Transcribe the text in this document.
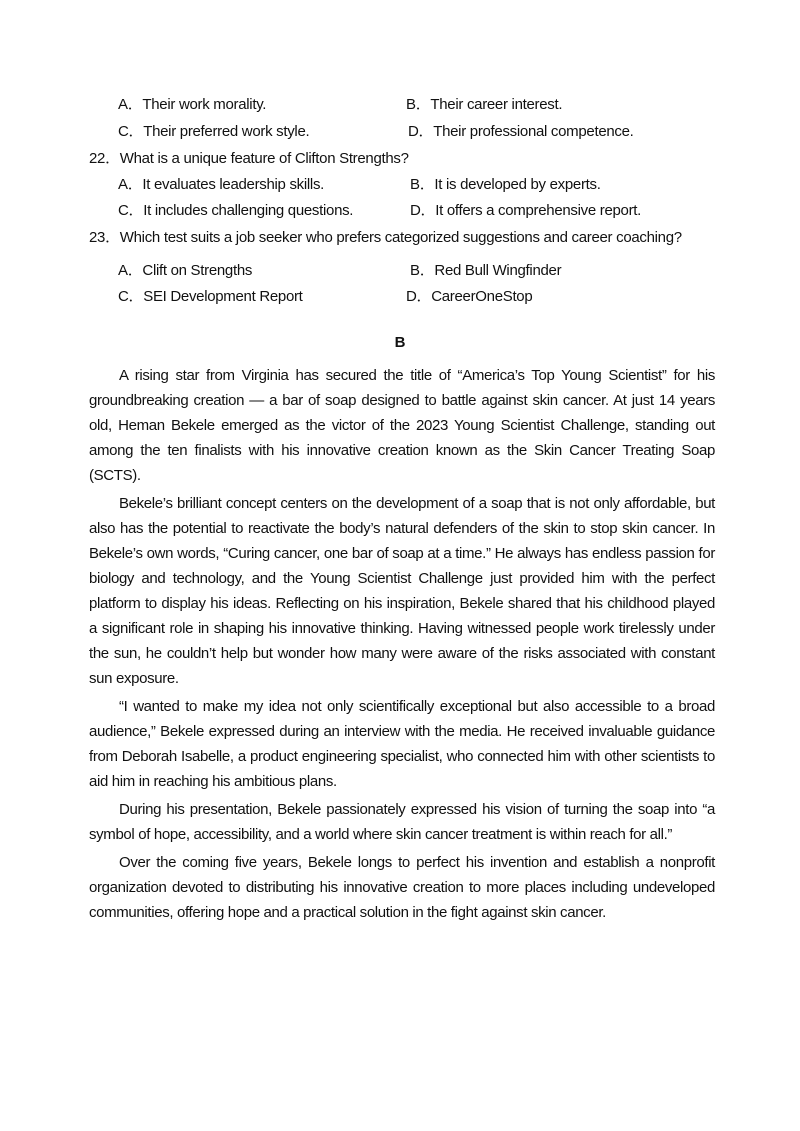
A．Their work morality.	B．Their career interest.
C．Their preferred work style.	D．Their professional competence.
22．What is a unique feature of Clifton Strengths?
A．It evaluates leadership skills.	B．It is developed by experts.
C．It includes challenging questions.	D．It offers a comprehensive report.
23．Which test suits a job seeker who prefers categorized suggestions and career coaching?
A．Clift on Strengths	B．Red Bull Wingfinder
C．SEI Development Report	D．CareerOneStop
B

A rising star from Virginia has secured the title of “America’s Top Young Scientist” for his groundbreaking creation — a bar of soap designed to battle against skin cancer. At just 14 years old, Heman Bekele emerged as the victor of the 2023 Young Scientist Challenge, standing out among the ten finalists with his innovative creation known as the Skin Cancer Treating Soap (SCTS).

Bekele’s brilliant concept centers on the development of a soap that is not only affordable, but also has the potential to reactivate the body’s natural defenders of the skin to stop skin cancer. In Bekele’s own words, “Curing cancer, one bar of soap at a time.” He always has endless passion for biology and technology, and the Young Scientist Challenge just provided him with the perfect platform to display his ideas. Reflecting on his inspiration, Bekele shared that his childhood played a significant role in shaping his innovative thinking. Having witnessed people work tirelessly under the sun, he couldn’t help but wonder how many were aware of the risks associated with constant sun exposure.

“I wanted to make my idea not only scientifically exceptional but also accessible to a broad audience,” Bekele expressed during an interview with the media. He received invaluable guidance from Deborah Isabelle, a product engineering specialist, who connected him with other scientists to aid him in reaching his ambitious plans.

During his presentation, Bekele passionately expressed his vision of turning the soap into “a symbol of hope, accessibility, and a world where skin cancer treatment is within reach for all.”

Over the coming five years, Bekele longs to perfect his invention and establish a nonprofit organization devoted to distributing his innovative creation to more places including undeveloped communities, offering hope and a practical solution in the fight against skin cancer.
